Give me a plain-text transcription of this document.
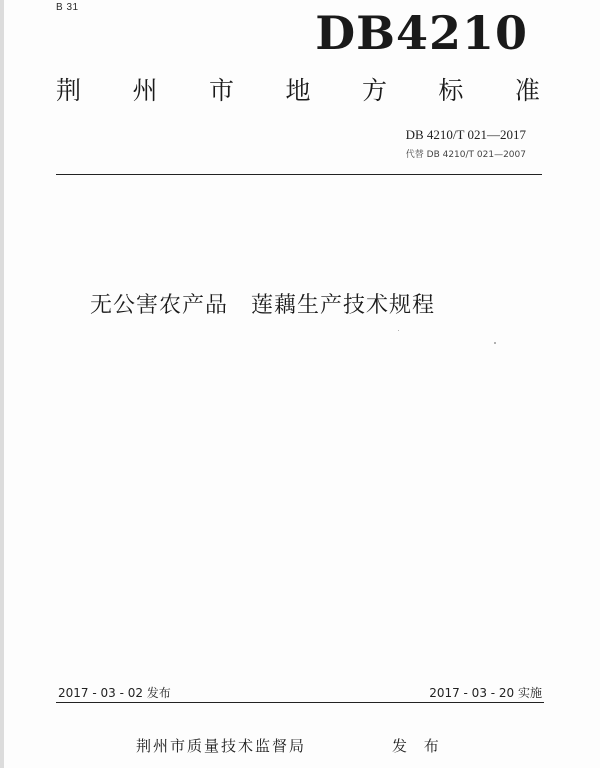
B 31	DB4210
荆 州 市 地 方 标 准
DB 4210/T 021—2017
代替 DB 4210/T 021—2007
无公害农产品　莲藕生产技术规程
2017 - 03 - 02 发布	2017 - 03 - 20 实施
荆州市质量技术监督局	发 布
